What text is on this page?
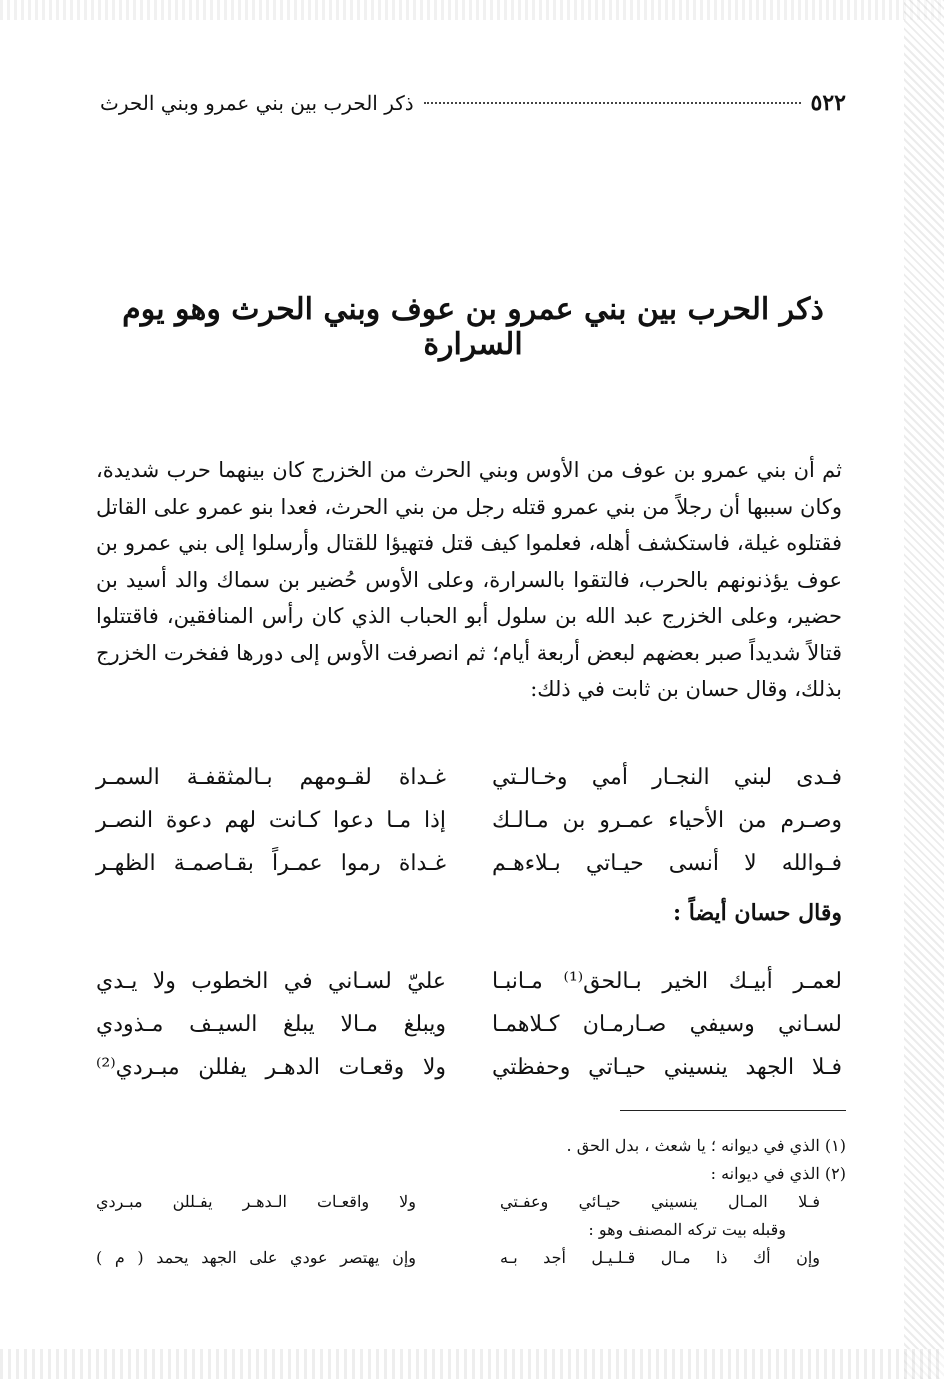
٥٢٢
ذكر الحرب بين بني عمرو وبني الحرث
ذكر الحرب بين بني عمرو بن عوف وبني الحرث وهو يوم السرارة

ثم أن بني عمرو بن عوف من الأوس وبني الحرث من الخزرج كان بينهما حرب شديدة، وكان سببها أن رجلاً من بني عمرو قتله رجل من بني الحرث، فعدا بنو عمرو على القاتل فقتلوه غيلة، فاستكشف أهله، فعلموا كيف قتل فتهيؤا للقتال وأرسلوا إلى بني عمرو بن عوف يؤذنونهم بالحرب، فالتقوا بالسرارة، وعلى الأوس حُضير بن سماك والد أسيد بن حضير، وعلى الخزرج عبد الله بن سلول أبو الحباب الذي كان رأس المنافقين، فاقتتلوا قتالاً شديداً صبر بعضهم لبعض أربعة أيام؛ ثم انصرفت الأوس إلى دورها ففخرت الخزرج بذلك، وقال حسان بن ثابت في ذلك:

فـدى لبني النجـار أمي وخـالـتي
غـداة لقـومهم بـالمثقفـة السمـر
وصـرم من الأحياء عمـرو بن مـالـك
إذا مـا دعوا كـانت لهم دعوة النصـر
فـوالله لا أنسى حيـاتي بـلاءهـم
غـداة رموا عمـراً بقـاصمـة الظهـر
وقال حسان أيضاً :
لعمـر أبيـك الخير بـالحق⁽¹⁾ مـانبـا
عليّ لسـاني في الخطوب ولا يـدي
لسـاني وسيفي صـارمـان كـلاهمـا
ويبلغ مـالا يبلغ السيـف مـذودي
فـلا الجهد ينسيني حيـاتي وحفظتي
ولا وقعـات الدهـر يفللن مبـردي⁽²⁾
(١) الذي في ديوانه ؛ يا شعث ، بدل الحق .
(٢) الذي في ديوانه :
فـلا المـال ينسيني حيـائي وعفـتي
ولا واقعـات الـدهـر يفـللن مبـردي
وقبله بيت تركه المصنف وهو :
وإن أك ذا مـال قـلـيـل أجد بـه
وإن يهتصر عودي على الجهد يحمد ( م )
